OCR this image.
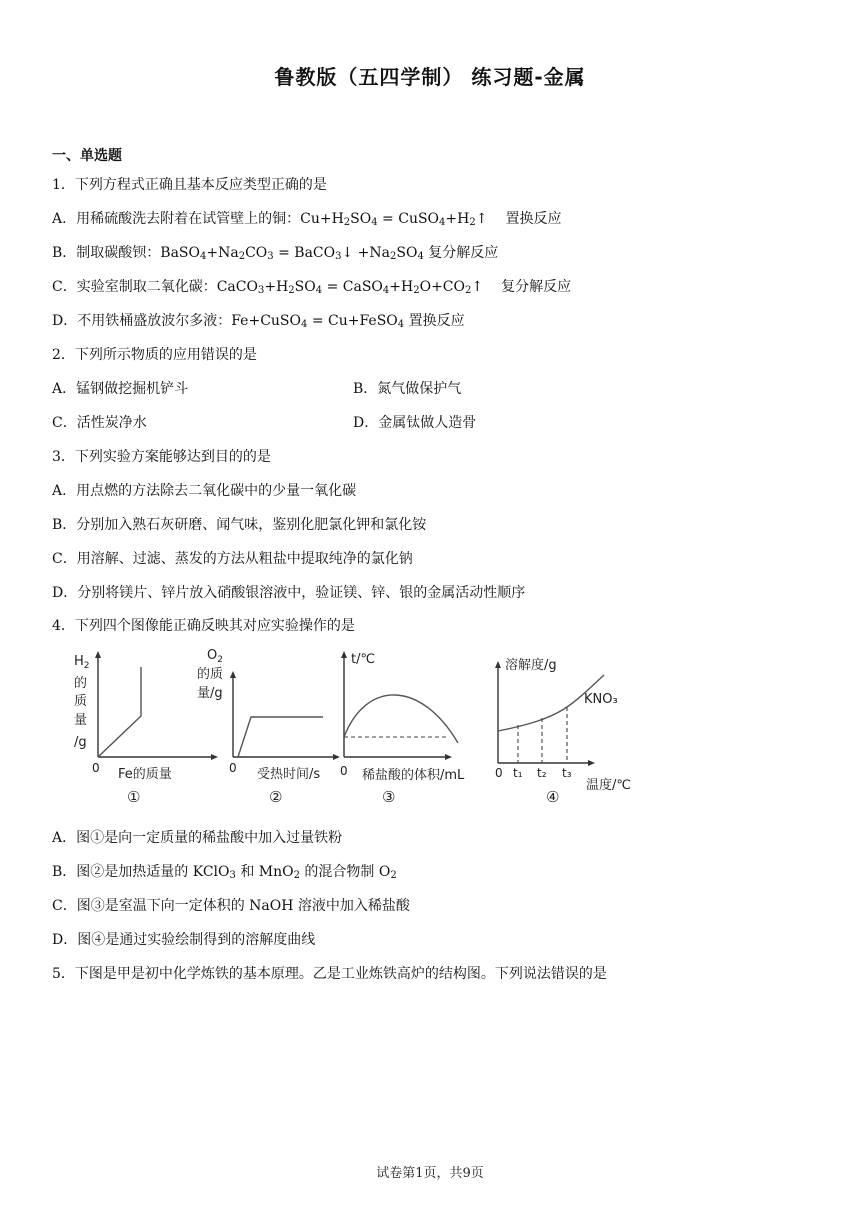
鲁教版（五四学制） 练习题-金属
一、单选题
1．下列方程式正确且基本反应类型正确的是
A．用稀硫酸洗去附着在试管壁上的铜：$Cu+H_2SO_4$ = $CuSO_4+H_2↑$ 置换反应
B．制取碳酸钡：$BaSO_4+Na_2CO_3$ = BaCO$_3$↓ $+Na_2SO_4$ 复分解反应
C．实验室制取二氧化碳：$CaCO_3+H_2SO_4$ = $CaSO_4+H_2O+CO_2↑$ 复分解反应
D．不用铁桶盛放波尔多液：Fe+CuSO$_4$ = Cu+FeSO$_4$ 置换反应
2．下列所示物质的应用错误的是
A．锰钢做挖掘机铲斗	B．氮气做保护气
C．活性炭净水	D．金属钛做人造骨
3．下列实验方案能够达到目的的是
A．用点燃的方法除去二氧化碳中的少量一氧化碳
B．分别加入熟石灰研磨、闻气味，鉴别化肥氯化钾和氯化铵
C．用溶解、过滤、蒸发的方法从粗盐中提取纯净的氯化钠
D．分别将镁片、锌片放入硝酸银溶液中，验证镁、锌、银的金属活动性顺序
4．下列四个图像能正确反映其对应实验操作的是
$H_2$
的
质
量
/g
0 Fe的质量
①
$O_2$
的质
量/g
0 受热时间/s
②
t/℃
0 稀盐酸的体积/mL
③
溶解度/g
KNO₃
0 t₁ t₂ t₃
温度/℃
④
A．图①是向一定质量的稀盐酸中加入过量铁粉
B．图②是加热适量的 KClO$_3$ 和 MnO$_2$ 的混合物制 $O_2$
C．图③是室温下向一定体积的 NaOH 溶液中加入稀盐酸
D．图④是通过实验绘制得到的溶解度曲线
5．下图是甲是初中化学炼铁的基本原理。乙是工业炼铁高炉的结构图。下列说法错误的是
试卷第1页，共9页
